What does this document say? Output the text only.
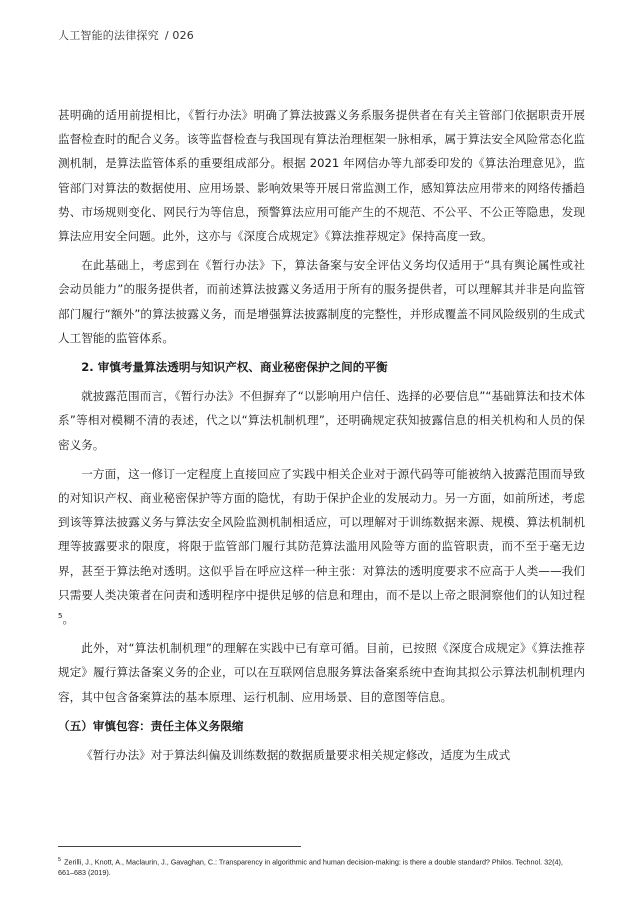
人工智能的法律探究 / 026

甚明确的适用前提相比，《暂行办法》明确了算法披露义务系服务提供者在有关主管部门依据职责开展监督检查时的配合义务。该等监督检查与我国现有算法治理框架一脉相承，属于算法安全风险常态化监测机制，是算法监管体系的重要组成部分。根据 2021 年网信办等九部委印发的《算法治理意见》，监管部门对算法的数据使用、应用场景、影响效果等开展日常监测工作，感知算法应用带来的网络传播趋势、市场规则变化、网民行为等信息，预警算法应用可能产生的不规范、不公平、不公正等隐患，发现算法应用安全问题。此外，这亦与《深度合成规定》《算法推荐规定》保持高度一致。

在此基础上，考虑到在《暂行办法》下，算法备案与安全评估义务均仅适用于“具有舆论属性或社会动员能力”的服务提供者，而前述算法披露义务适用于所有的服务提供者，可以理解其并非是向监管部门履行“额外”的算法披露义务，而是增强算法披露制度的完整性，并形成覆盖不同风险级别的生成式人工智能的监管体系。

2. 审慎考量算法透明与知识产权、商业秘密保护之间的平衡

就披露范围而言，《暂行办法》不但摒弃了“以影响用户信任、选择的必要信息”“基础算法和技术体系”等相对模糊不清的表述，代之以“算法机制机理”，还明确规定获知披露信息的相关机构和人员的保密义务。

一方面，这一修订一定程度上直接回应了实践中相关企业对于源代码等可能被纳入披露范围而导致的对知识产权、商业秘密保护等方面的隐忧，有助于保护企业的发展动力。另一方面，如前所述，考虑到该等算法披露义务与算法安全风险监测机制相适应，可以理解对于训练数据来源、规模、算法机制机理等披露要求的限度，将限于监管部门履行其防范算法滥用风险等方面的监管职责，而不至于毫无边界，甚至于算法绝对透明。这似乎旨在呼应这样一种主张：对算法的透明度要求不应高于人类——我们只需要人类决策者在问责和透明程序中提供足够的信息和理由，而不是以上帝之眼洞察他们的认知过程$^5$。

此外，对“算法机制机理”的理解在实践中已有章可循。目前，已按照《深度合成规定》《算法推荐规定》履行算法备案义务的企业，可以在互联网信息服务算法备案系统中查询其拟公示算法机制机理内容，其中包含备案算法的基本原理、运行机制、应用场景、目的意图等信息。

（五）审慎包容：责任主体义务限缩

《暂行办法》对于算法纠偏及训练数据的数据质量要求相关规定修改，适度为生成式

$^5$ Zerilli, J., Knott, A., Maclaurin, J., Gavaghan, C.: Transparency in algorithmic and human decision-making: is there a double standard? Philos. Technol. 32(4), 661–683 (2019).
